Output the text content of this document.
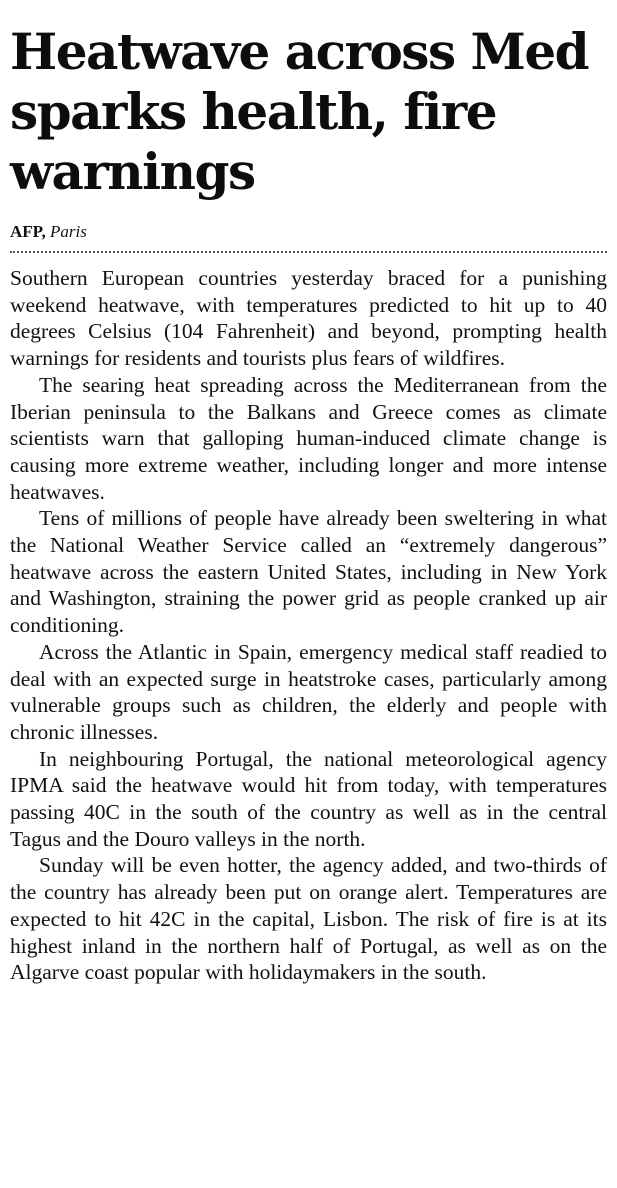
Heatwave across Med sparks health, fire warnings
AFP, Paris

Southern European countries yesterday braced for a punishing weekend heatwave, with temperatures predicted to hit up to 40 degrees Celsius (104 Fahrenheit) and beyond, prompting health warnings for residents and tourists plus fears of wildfires.

The searing heat spreading across the Mediterranean from the Iberian peninsula to the Balkans and Greece comes as climate scientists warn that galloping human-induced climate change is causing more extreme weather, including longer and more intense heatwaves.

Tens of millions of people have already been sweltering in what the National Weather Service called an “extremely dangerous” heatwave across the eastern United States, including in New York and Washington, straining the power grid as people cranked up air conditioning.

Across the Atlantic in Spain, emergency medical staff readied to deal with an expected surge in heatstroke cases, particularly among vulnerable groups such as children, the elderly and people with chronic illnesses.

In neighbouring Portugal, the national meteorological agency IPMA said the heatwave would hit from today, with temperatures passing 40C in the south of the country as well as in the central Tagus and the Douro valleys in the north.

Sunday will be even hotter, the agency added, and two-thirds of the country has already been put on orange alert. Temperatures are expected to hit 42C in the capital, Lisbon. The risk of fire is at its highest inland in the northern half of Portugal, as well as on the Algarve coast popular with holidaymakers in the south.
